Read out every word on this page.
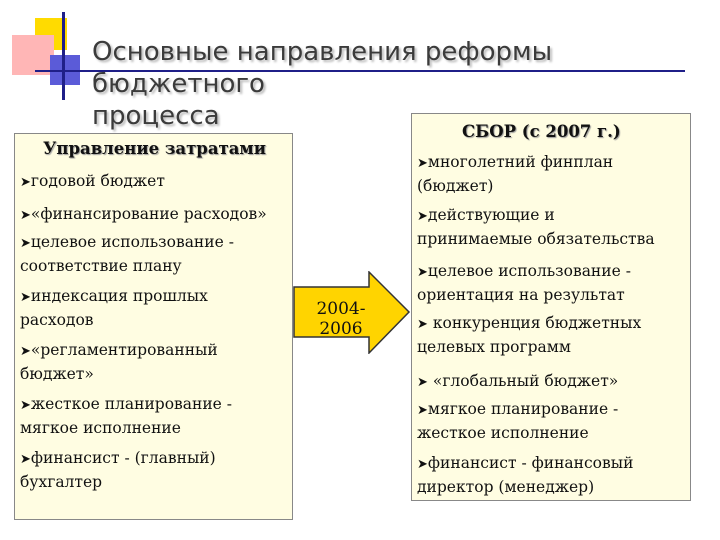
Основные направления реформы бюджетного
процесса
Управление затратами
➤годовой бюджет
➤«финансирование расходов»
➤целевое использование -
соответствие плану
➤индексация прошлых
расходов
➤«регламентированный
бюджет»
➤жесткое планирование -
мягкое исполнение
➤финансист - (главный)
бухгалтер
2004-2006
СБОР (с 2007 г.)
➤многолетний финплан
(бюджет)
➤действующие и
принимаемые обязательства
➤целевое использование -
ориентация на результат
➤ конкуренция бюджетных
целевых программ
➤ «глобальный бюджет»
➤мягкое планирование -
жесткое исполнение
➤финансист - финансовый
директор (менеджер)
